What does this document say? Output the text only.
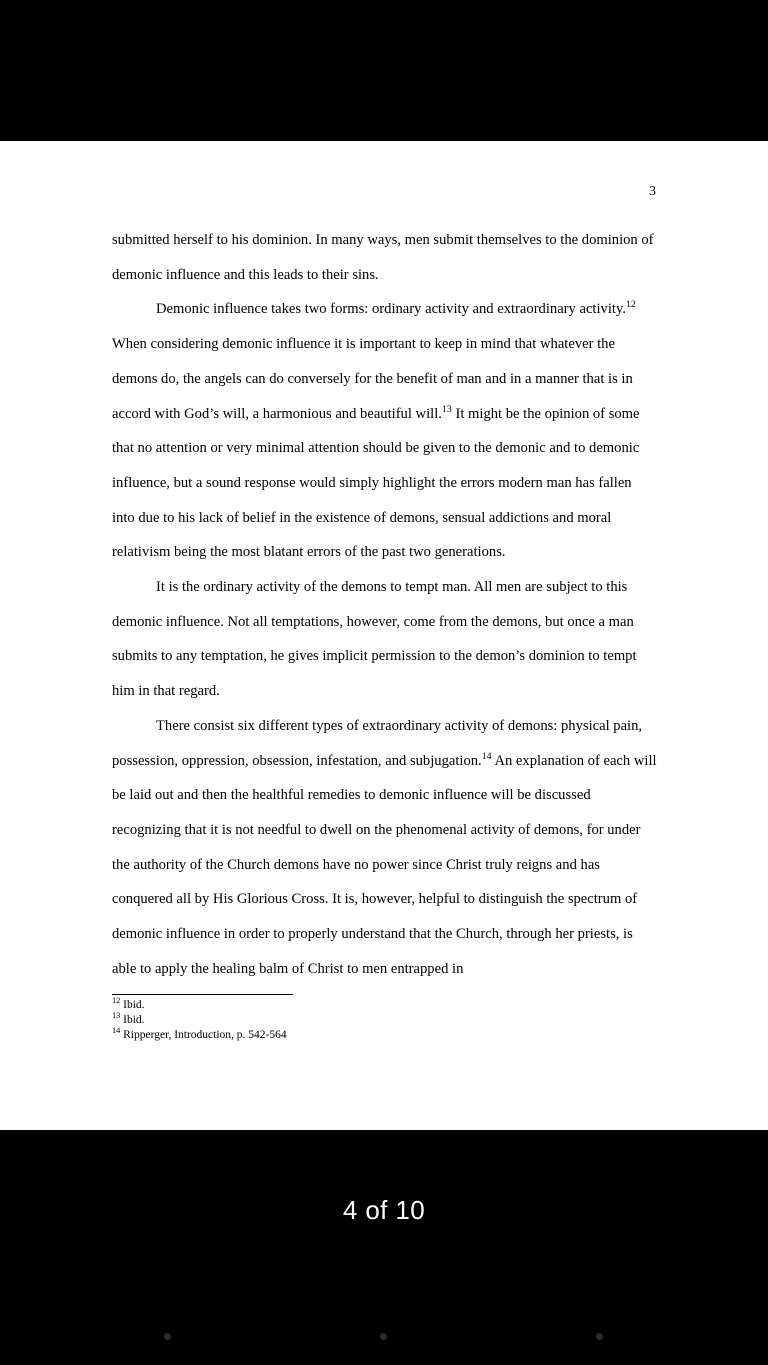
3

submitted herself to his dominion. In many ways, men submit themselves to the dominion of demonic influence and this leads to their sins.

Demonic influence takes two forms: ordinary activity and extraordinary activity.$^{12}$ When considering demonic influence it is important to keep in mind that whatever the demons do, the angels can do conversely for the benefit of man and in a manner that is in accord with God’s will, a harmonious and beautiful will.$^{13}$ It might be the opinion of some that no attention or very minimal attention should be given to the demonic and to demonic influence, but a sound response would simply highlight the errors modern man has fallen into due to his lack of belief in the existence of demons, sensual addictions and moral relativism being the most blatant errors of the past two generations.

It is the ordinary activity of the demons to tempt man. All men are subject to this demonic influence. Not all temptations, however, come from the demons, but once a man submits to any temptation, he gives implicit permission to the demon’s dominion to tempt him in that regard.

There consist six different types of extraordinary activity of demons: physical pain, possession, oppression, obsession, infestation, and subjugation.$^{14}$ An explanation of each will be laid out and then the healthful remedies to demonic influence will be discussed recognizing that it is not needful to dwell on the phenomenal activity of demons, for under the authority of the Church demons have no power since Christ truly reigns and has conquered all by His Glorious Cross. It is, however, helpful to distinguish the spectrum of demonic influence in order to properly understand that the Church, through her priests, is able to apply the healing balm of Christ to men entrapped in

$^{12}$ Ibid.
$^{13}$ Ibid.
$^{14}$ Ripperger, Introduction, p. 542-564
4 of 10
